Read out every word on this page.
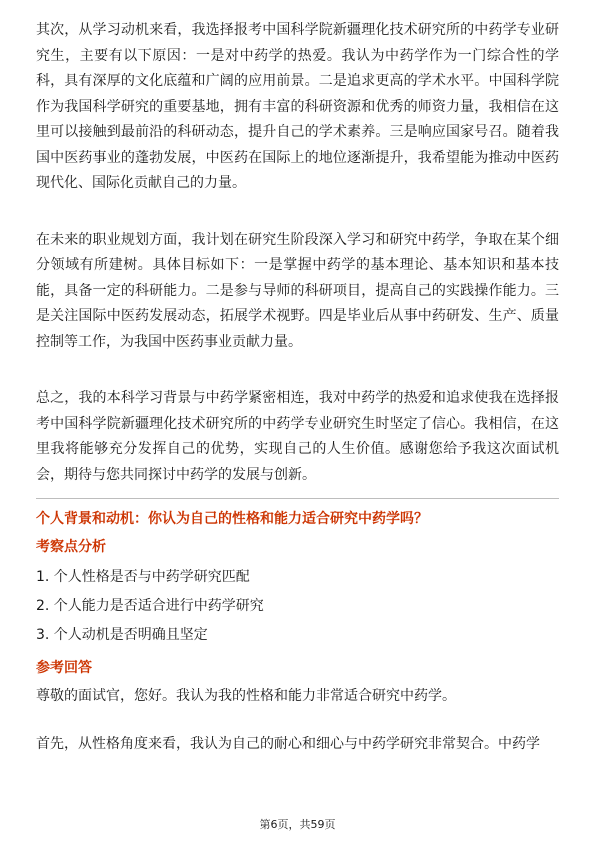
其次，从学习动机来看，我选择报考中国科学院新疆理化技术研究所的中药学专业研究生，主要有以下原因：一是对中药学的热爱。我认为中药学作为一门综合性的学科，具有深厚的文化底蕴和广阔的应用前景。二是追求更高的学术水平。中国科学院作为我国科学研究的重要基地，拥有丰富的科研资源和优秀的师资力量，我相信在这里可以接触到最前沿的科研动态，提升自己的学术素养。三是响应国家号召。随着我国中医药事业的蓬勃发展，中医药在国际上的地位逐渐提升，我希望能为推动中医药现代化、国际化贡献自己的力量。

在未来的职业规划方面，我计划在研究生阶段深入学习和研究中药学，争取在某个细分领域有所建树。具体目标如下：一是掌握中药学的基本理论、基本知识和基本技能，具备一定的科研能力。二是参与导师的科研项目，提高自己的实践操作能力。三是关注国际中医药发展动态，拓展学术视野。四是毕业后从事中药研发、生产、质量控制等工作，为我国中医药事业贡献力量。

总之，我的本科学习背景与中药学紧密相连，我对中药学的热爱和追求使我在选择报考中国科学院新疆理化技术研究所的中药学专业研究生时坚定了信心。我相信，在这里我将能够充分发挥自己的优势，实现自己的人生价值。感谢您给予我这次面试机会，期待与您共同探讨中药学的发展与创新。

个人背景和动机：你认为自己的性格和能力适合研究中药学吗？

考察点分析

1. 个人性格是否与中药学研究匹配
2. 个人能力是否适合进行中药学研究
3. 个人动机是否明确且坚定

参考回答

尊敬的面试官，您好。我认为我的性格和能力非常适合研究中药学。

首先，从性格角度来看，我认为自己的耐心和细心与中药学研究非常契合。中药学

第6页，共59页
